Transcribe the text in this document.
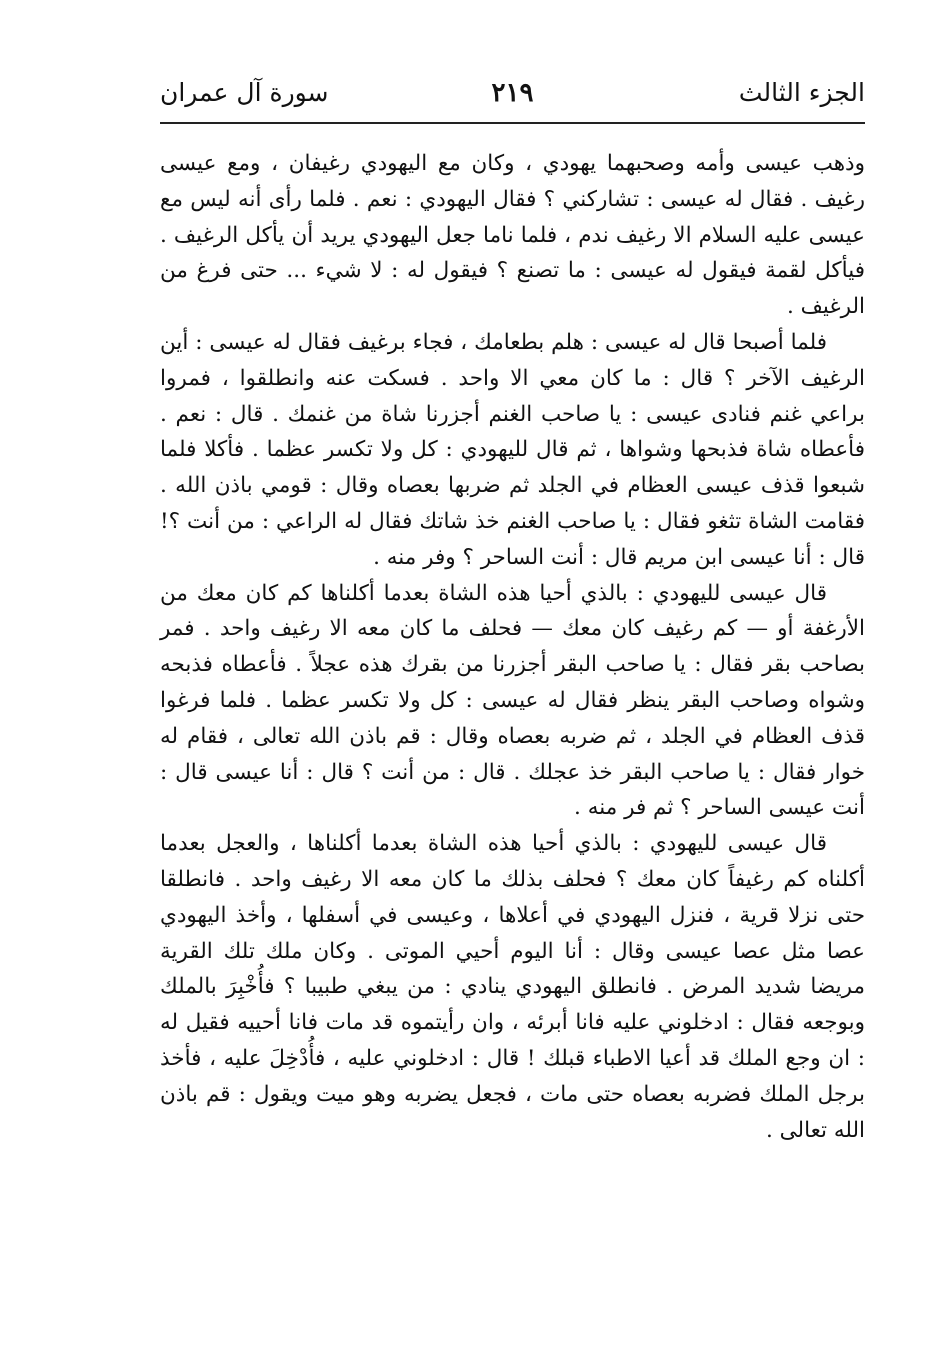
الجزء الثالث
٢١٩
سورة آل عمران

وذهب عيسى وأمه وصحبهما يهودي ، وكان مع اليهودي رغيفان ، ومع عيسى رغيف . فقال له عيسى : تشاركني ؟ فقال اليهودي : نعم . فلما رأى أنه ليس مع عيسى عليه السلام الا رغيف ندم ، فلما ناما جعل اليهودي يريد أن يأكل الرغيف . فيأكل لقمة فيقول له عيسى : ما تصنع ؟ فيقول له : لا شيء ... حتى فرغ من الرغيف .

فلما أصبحا قال له عيسى : هلم بطعامك ، فجاء برغيف فقال له عيسى : أين الرغيف الآخر ؟ قال : ما كان معي الا واحد . فسكت عنه وانطلقوا ، فمروا براعي غنم فنادى عيسى : يا صاحب الغنم أجزرنا شاة من غنمك . قال : نعم . فأعطاه شاة فذبحها وشواها ، ثم قال لليهودي : كل ولا تكسر عظما . فأكلا فلما شبعوا قذف عيسى العظام في الجلد ثم ضربها بعصاه وقال : قومي باذن الله . فقامت الشاة تثغو فقال : يا صاحب الغنم خذ شاتك فقال له الراعي : من أنت ؟! قال : أنا عيسى ابن مريم قال : أنت الساحر ؟ وفر منه .

قال عيسى لليهودي : بالذي أحيا هذه الشاة بعدما أكلناها كم كان معك من الأرغفة أو — كم رغيف كان معك — فحلف ما كان معه الا رغيف واحد . فمر بصاحب بقر فقال : يا صاحب البقر أجزرنا من بقرك هذه عجلاً . فأعطاه فذبحه وشواه وصاحب البقر ينظر فقال له عيسى : كل ولا تكسر عظما . فلما فرغوا قذف العظام في الجلد ، ثم ضربه بعصاه وقال : قم باذن الله تعالى ، فقام له خوار فقال : يا صاحب البقر خذ عجلك . قال : من أنت ؟ قال : أنا عيسى قال : أنت عيسى الساحر ؟ ثم فر منه .

قال عيسى لليهودي : بالذي أحيا هذه الشاة بعدما أكلناها ، والعجل بعدما أكلناه كم رغيفاً كان معك ؟ فحلف بذلك ما كان معه الا رغيف واحد . فانطلقا حتى نزلا قرية ، فنزل اليهودي في أعلاها ، وعيسى في أسفلها ، وأخذ اليهودي عصا مثل عصا عيسى وقال : أنا اليوم أحيي الموتى . وكان ملك تلك القرية مريضا شديد المرض . فانطلق اليهودي ينادي : من يبغي طبيبا ؟ فأُخْبِرَ بالملك وبوجعه فقال : ادخلوني عليه فانا أبرئه ، وان رأيتموه قد مات فانا أحييه فقيل له : ان وجع الملك قد أعيا الاطباء قبلك ! قال : ادخلوني عليه ، فأُدْخِلَ عليه ، فأخذ برجل الملك فضربه بعصاه حتى مات ، فجعل يضربه وهو ميت ويقول : قم باذن الله تعالى .
